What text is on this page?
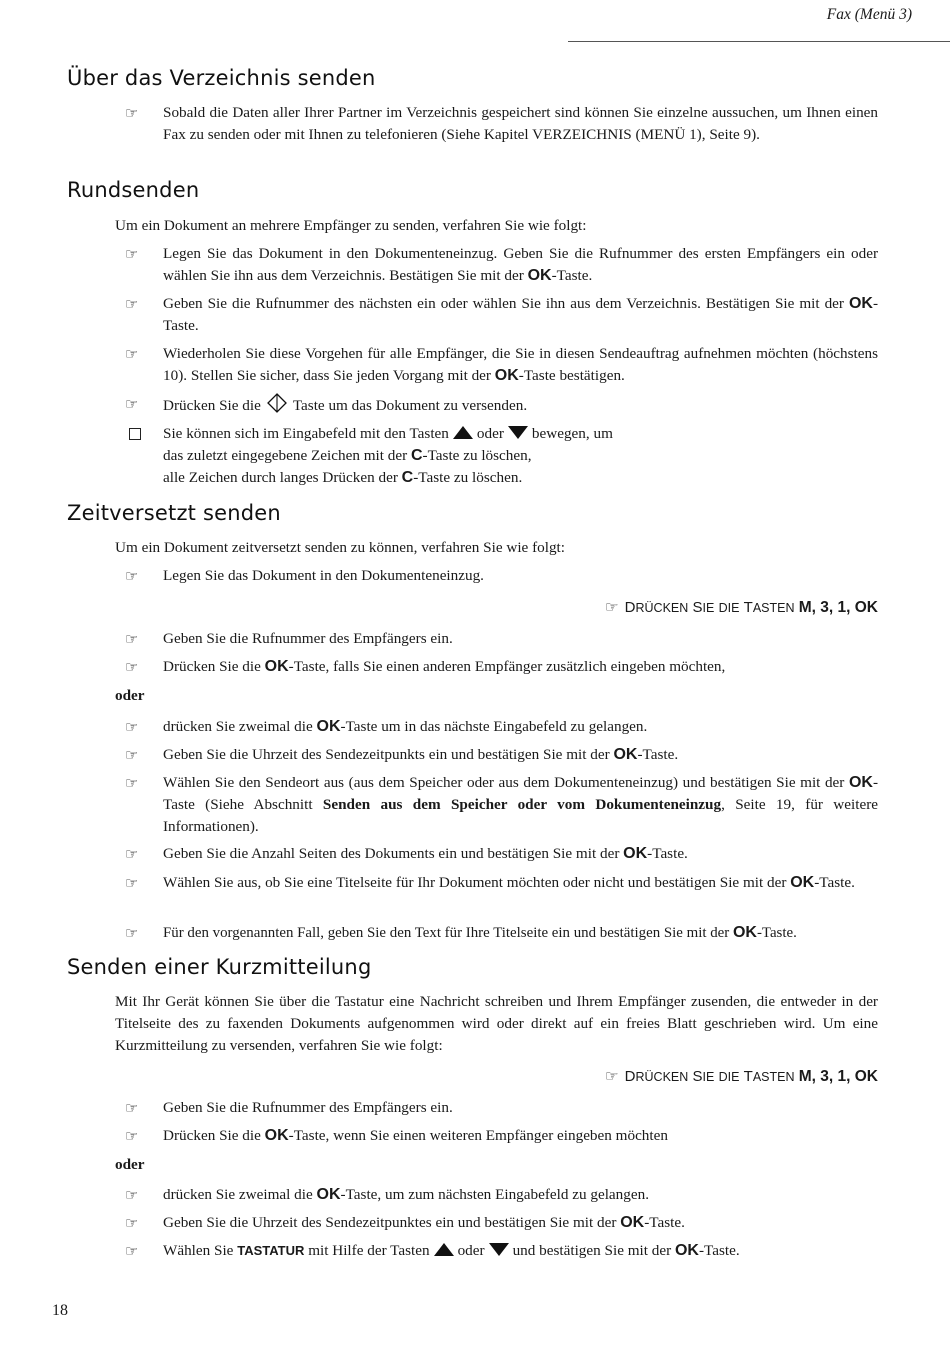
Fax (Menü 3)
Über das Verzeichnis senden
☞	Sobald die Daten aller Ihrer Partner im Verzeichnis gespeichert sind können Sie einzelne aussuchen, um Ihnen einen Fax zu senden oder mit Ihnen zu telefonieren (Siehe Kapitel VERZEICHNIS (MENÜ 1), Seite 9).
Rundsenden
Um ein Dokument an mehrere Empfänger zu senden, verfahren Sie wie folgt:
☞	Legen Sie das Dokument in den Dokumenteneinzug. Geben Sie die Rufnummer des ersten Empfängers ein oder wählen Sie ihn aus dem Verzeichnis. Bestätigen Sie mit der OK-Taste.
☞	Geben Sie die Rufnummer des nächsten ein oder wählen Sie ihn aus dem Verzeichnis. Bestätigen Sie mit der OK-Taste.
☞	Wiederholen Sie diese Vorgehen für alle Empfänger, die Sie in diesen Sendeauftrag aufnehmen möchten (höchstens 10). Stellen Sie sicher, dass Sie jeden Vorgang mit der OK-Taste bestätigen.
☞	Drücken Sie die Taste um das Dokument zu versenden.
Sie können sich im Eingabefeld mit den Tasten oder bewegen, um
das zuletzt eingegebene Zeichen mit der C-Taste zu löschen,
alle Zeichen durch langes Drücken der C-Taste zu löschen.
Zeitversetzt senden
Um ein Dokument zeitversetzt senden zu können, verfahren Sie wie folgt:
☞	Legen Sie das Dokument in den Dokumenteneinzug.
☞ DRÜCKEN SIE DIE TASTEN M, 3, 1, OK
☞	Geben Sie die Rufnummer des Empfängers ein.
☞	Drücken Sie die OK-Taste, falls Sie einen anderen Empfänger zusätzlich eingeben möchten,
oder
☞	drücken Sie zweimal die OK-Taste um in das nächste Eingabefeld zu gelangen.
☞	Geben Sie die Uhrzeit des Sendezeitpunkts ein und bestätigen Sie mit der OK-Taste.
☞	Wählen Sie den Sendeort aus (aus dem Speicher oder aus dem Dokumenteneinzug) und bestätigen Sie mit der OK-Taste (Siehe Abschnitt Senden aus dem Speicher oder vom Dokumenteneinzug, Seite 19, für weitere Informationen).
☞	Geben Sie die Anzahl Seiten des Dokuments ein und bestätigen Sie mit der OK-Taste.
☞	Wählen Sie aus, ob Sie eine Titelseite für Ihr Dokument möchten oder nicht und bestätigen Sie mit der OK-Taste.
☞	Für den vorgenannten Fall, geben Sie den Text für Ihre Titelseite ein und bestätigen Sie mit der OK-Taste.
Senden einer Kurzmitteilung
Mit Ihr Gerät können Sie über die Tastatur eine Nachricht schreiben und Ihrem Empfänger zusenden, die entweder in der Titelseite des zu faxenden Dokuments aufgenommen wird oder direkt auf ein freies Blatt geschrieben wird. Um eine Kurzmitteilung zu versenden, verfahren Sie wie folgt:
☞ DRÜCKEN SIE DIE TASTEN M, 3, 1, OK
☞	Geben Sie die Rufnummer des Empfängers ein.
☞	Drücken Sie die OK-Taste, wenn Sie einen weiteren Empfänger eingeben möchten
oder
☞	drücken Sie zweimal die OK-Taste, um zum nächsten Eingabefeld zu gelangen.
☞	Geben Sie die Uhrzeit des Sendezeitpunktes ein und bestätigen Sie mit der OK-Taste.
☞	Wählen Sie TASTATUR mit Hilfe der Tasten oder und bestätigen Sie mit der OK-Taste.
18
